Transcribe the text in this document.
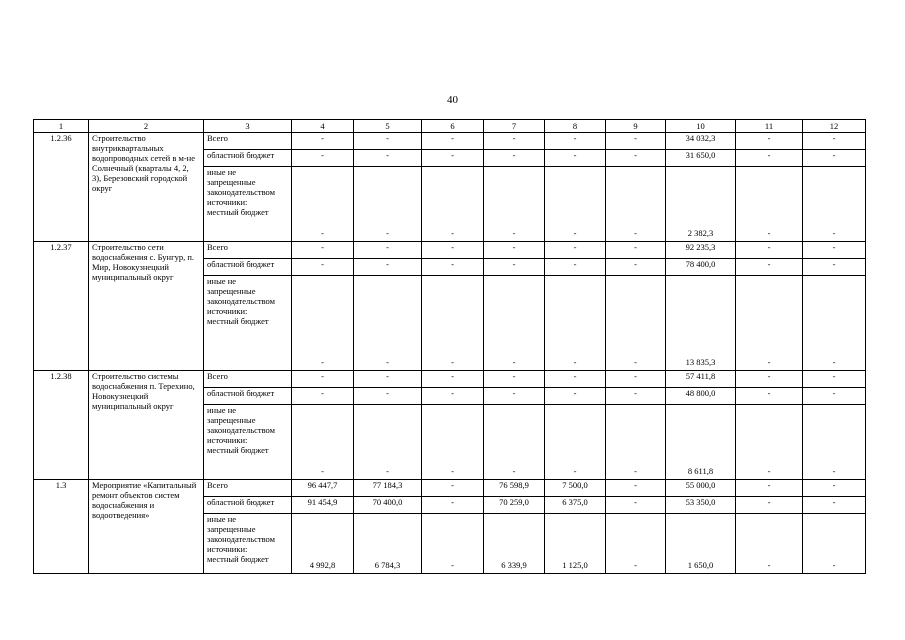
40
1	2	3	4	5	6	7	8	9	10	11	12
1.2.36	Строительство внутриквартальных водопроводных сетей в м-не Солнечный (кварталы 4, 2, 3), Березовский городской округ	Всего	-	-	-	-	-	-	34 032,3	-	-
		областной бюджет	-	-	-	-	-	-	31 650,0	-	-

		иные не
запрещенные
законодательством
источники:
местный бюджет	-	-	-	-	-	-	2 382,3	-	-
1.2.37	Строительство сети водоснабжения с. Бунгур, п. Мир, Новокузнецкий муниципальный округ	Всего	-	-	-	-	-	-	92 235,3	-	-
		областной бюджет	-	-	-	-	-	-	78 400,0	-	-

		иные не
запрещенные
законодательством
источники:
местный бюджет	-	-	-	-	-	-	13 835,3	-	-
1.2.38	Строительство системы водоснабжения п. Терехино, Новокузнецкий муниципальный округ	Всего	-	-	-	-	-	-	57 411,8	-	-
		областной бюджет	-	-	-	-	-	-	48 800,0	-	-

		иные не
запрещенные
законодательством
источники:
местный бюджет	-	-	-	-	-	-	8 611,8	-	-
1.3	Мероприятие «Капитальный ремонт объектов систем водоснабжения и водоотведения»	Всего	96 447,7	77 184,3	-	76 598,9	7 500,0	-	55 000,0	-	-
		областной бюджет	91 454,9	70 400,0	-	70 259,0	6 375,0	-	53 350,0	-	-

		иные не
запрещенные
законодательством
источники:
местный бюджет	4 992,8	6 784,3	-	6 339,9	1 125,0	-	1 650,0	-	-
